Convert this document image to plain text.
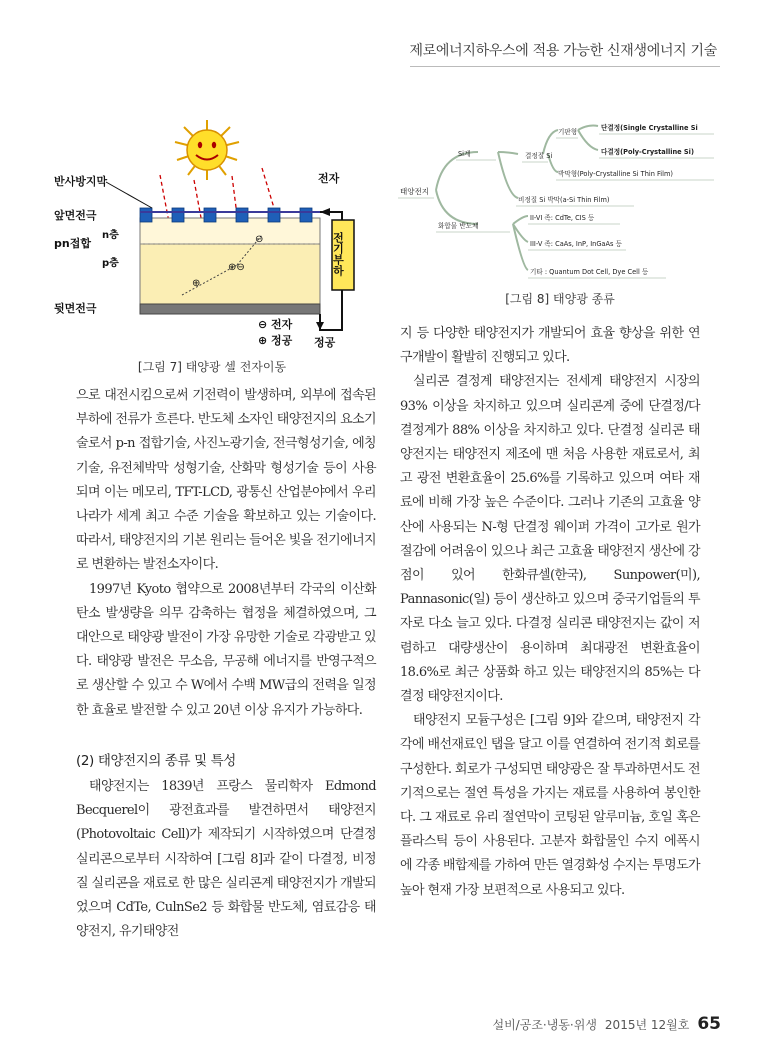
제로에너지하우스에 적용 가능한 신재생에너지 기술
⊖
⊕⊖
⊕
반사방지막
앞면전극
pn접합
n층
p층
뒷면전극
전자
⊖ 전자
⊕ 정공 정공
전기부하
[그림 7] 태양광 셀 전자이동
태양전지
Si계
화합물 반도체
결정질 Si
기판형	단결정(Single Crystalline Si
다결정(Poly-Crystalline Si)
박막형(Poly-Crystalline Si Thin Film)
비정질 Si 박막(a-Si Thin Film)
II-VI 족: CdTe, CIS 등
III-V 족: CaAs, InP, InGaAs 등
기타 : Quantum Dot Cell, Dye Cell 등
[그림 8] 태양광 종류

으로 대전시킴으로써 기전력이 발생하며, 외부에 접속된 부하에 전류가 흐른다. 반도체 소자인 태양전지의 요소기술로서 p-n 접합기술, 사진노광기술, 전극형성기술, 에칭기술, 유전체박막 성형기술, 산화막 형성기술 등이 사용되며 이는 메모리, TFT-LCD, 광통신 산업분야에서 우리나라가 세계 최고 수준 기술을 확보하고 있는 기술이다. 따라서, 태양전지의 기본 원리는 들어온 빛을 전기에너지로 변환하는 발전소자이다.

1997년 Kyoto 협약으로 2008년부터 각국의 이산화탄소 발생량을 의무 감축하는 협정을 체결하였으며, 그 대안으로 태양광 발전이 가장 유망한 기술로 각광받고 있다. 태양광 발전은 무소음, 무공해 에너지를 반영구적으로 생산할 수 있고 수 W에서 수백 MW급의 전력을 일정한 효율로 발전할 수 있고 20년 이상 유지가 가능하다.

(2) 태양전지의 종류 및 특성

태양전지는 1839년 프랑스 물리학자 Edmond Becquerel이 광전효과를 발견하면서 태양전지(Photovoltaic Cell)가 제작되기 시작하였으며 단결정실리콘으로부터 시작하여 [그림 8]과 같이 다결정, 비정질 실리콘을 재료로 한 많은 실리콘계 태양전지가 개발되었으며 CdTe, CulnSe2 등 화합물 반도체, 염료감응 태양전지, 유기태양전

지 등 다양한 태양전지가 개발되어 효율 향상을 위한 연구개발이 활발히 진행되고 있다.

실리콘 결정계 태양전지는 전세계 태양전지 시장의 93% 이상을 차지하고 있으며 실리콘계 중에 단결정/다결정계가 88% 이상을 차지하고 있다. 단결정 실리콘 태양전지는 태양전지 제조에 맨 처음 사용한 재료로서, 최고 광전 변환효율이 25.6%를 기록하고 있으며 여타 재료에 비해 가장 높은 수준이다. 그러나 기존의 고효율 양산에 사용되는 N-형 단결정 웨이퍼 가격이 고가로 원가 절감에 어려움이 있으나 최근 고효율 태양전지 생산에 강점이 있어 한화큐셀(한국), Sunpower(미), Pannasonic(일) 등이 생산하고 있으며 중국기업들의 투자로 다소 늘고 있다. 다결정 실리콘 태양전지는 값이 저렴하고 대량생산이 용이하며 최대광전 변환효율이 18.6%로 최근 상품화 하고 있는 태양전지의 85%는 다결정 태양전지이다.

태양전지 모듈구성은 [그림 9]와 같으며, 태양전지 각각에 배선재료인 탭을 달고 이를 연결하여 전기적 회로를 구성한다. 회로가 구성되면 태양광은 잘 투과하면서도 전기적으로는 절연 특성을 가지는 재료를 사용하여 봉인한다. 그 재료로 유리 절연막이 코팅된 알루미늄, 호일 혹은 플라스틱 등이 사용된다. 고분자 화합물인 수지 에폭시 에 각종 배합제를 가하여 만든 열경화성 수지는 투명도가 높아 현재 가장 보편적으로 사용되고 있다.

설비/공조·냉동·위생 2015년 12월호 65
